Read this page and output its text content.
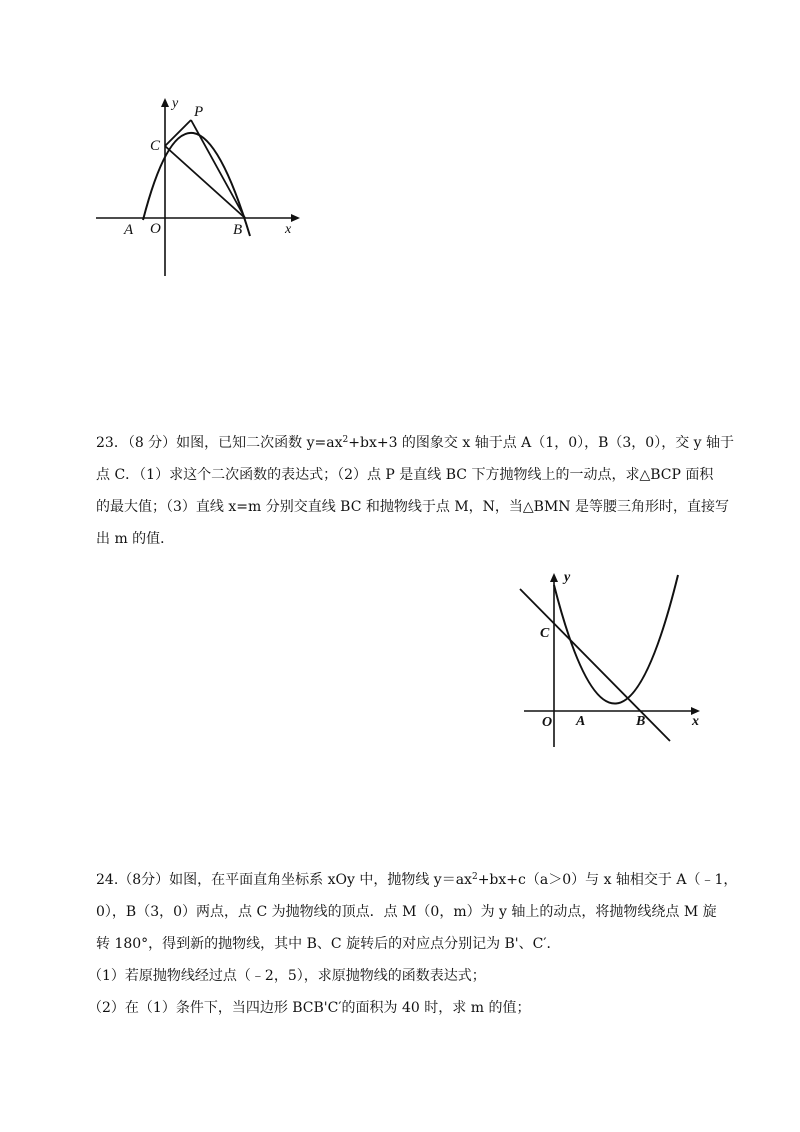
y
P
C
A O	B	x
23．（8 分）如图，已知二次函数 $y=ax^2+bx+3$ 的图象交 x 轴于点 A（1，0），B（3，0），交 y 轴于
点 C．（1）求这个二次函数的表达式；（2）点 P 是直线 BC 下方抛物线上的一动点，求△BCP 面积
的最大值；（3）直线 x=m 分别交直线 BC 和抛物线于点 M，N，当△BMN 是等腰三角形时，直接写
出 m 的值．
y
C
O A	B	x
24.（8分）如图，在平面直角坐标系 xOy 中，抛物线 $y=ax^2+bx+c(a>0)$与 x 轴相交于 A（﹣1，
0），B（3，0）两点，点 C 为抛物线的顶点．点 M（0，m）为 y 轴上的动点，将抛物线绕点 M 旋
转 180°，得到新的抛物线，其中 B、C 旋转后的对应点分别记为 B'、C′．
（1）若原抛物线经过点（﹣2，5），求原抛物线的函数表达式；
（2）在（1）条件下，当四边形 BCB'C′的面积为 40 时，求 m 的值；
